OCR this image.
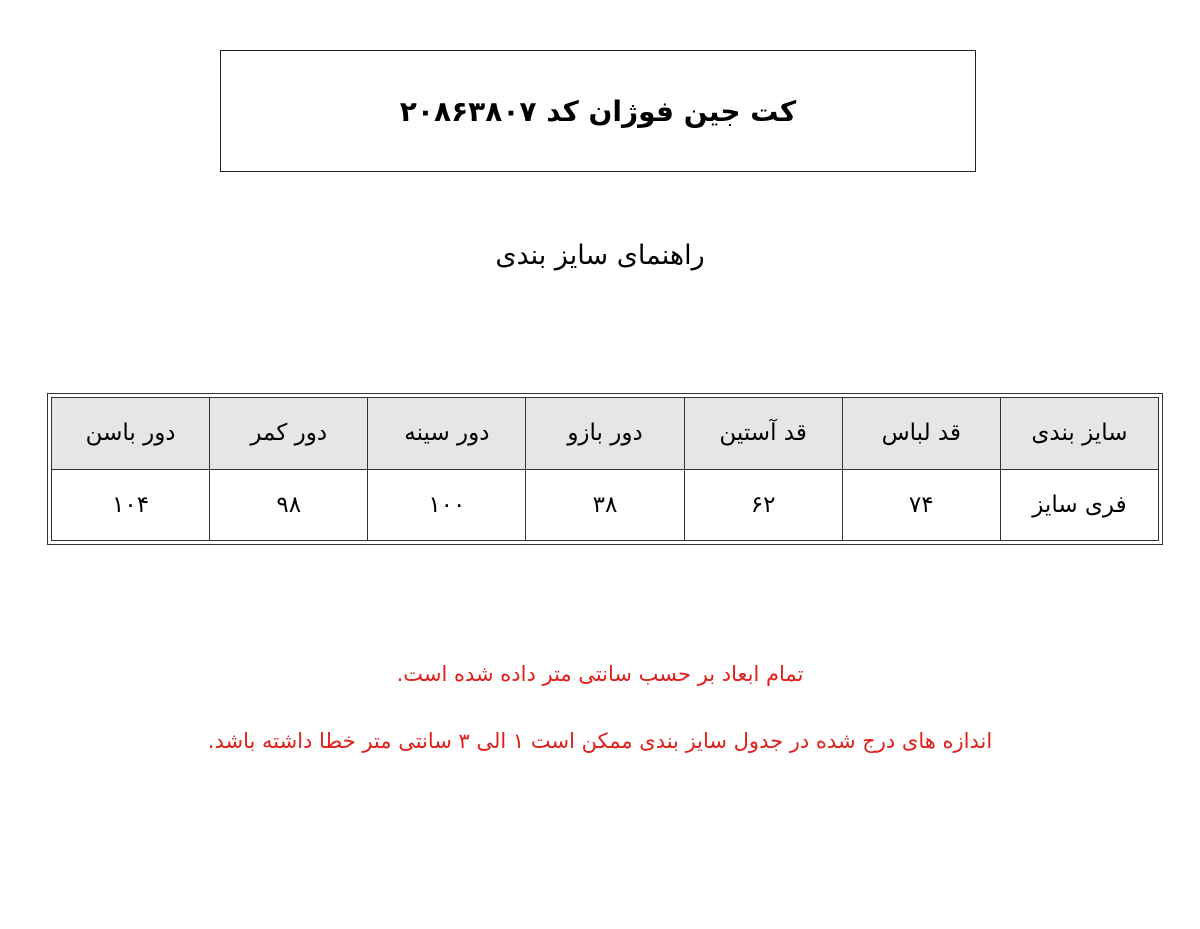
کت جین فوژان کد ۲۰۸۶۳۸۰۷
راهنمای سایز بندی
سایز بندی	قد لباس	قد آستین	دور بازو	دور سینه	دور کمر	دور باسن
فری سایز	۷۴	۶۲	۳۸	۱۰۰	۹۸	۱۰۴
تمام ابعاد بر حسب سانتی متر داده شده است.
اندازه های درج شده در جدول سایز بندی ممکن است ۱ الی ۳ سانتی متر خطا داشته باشد.
